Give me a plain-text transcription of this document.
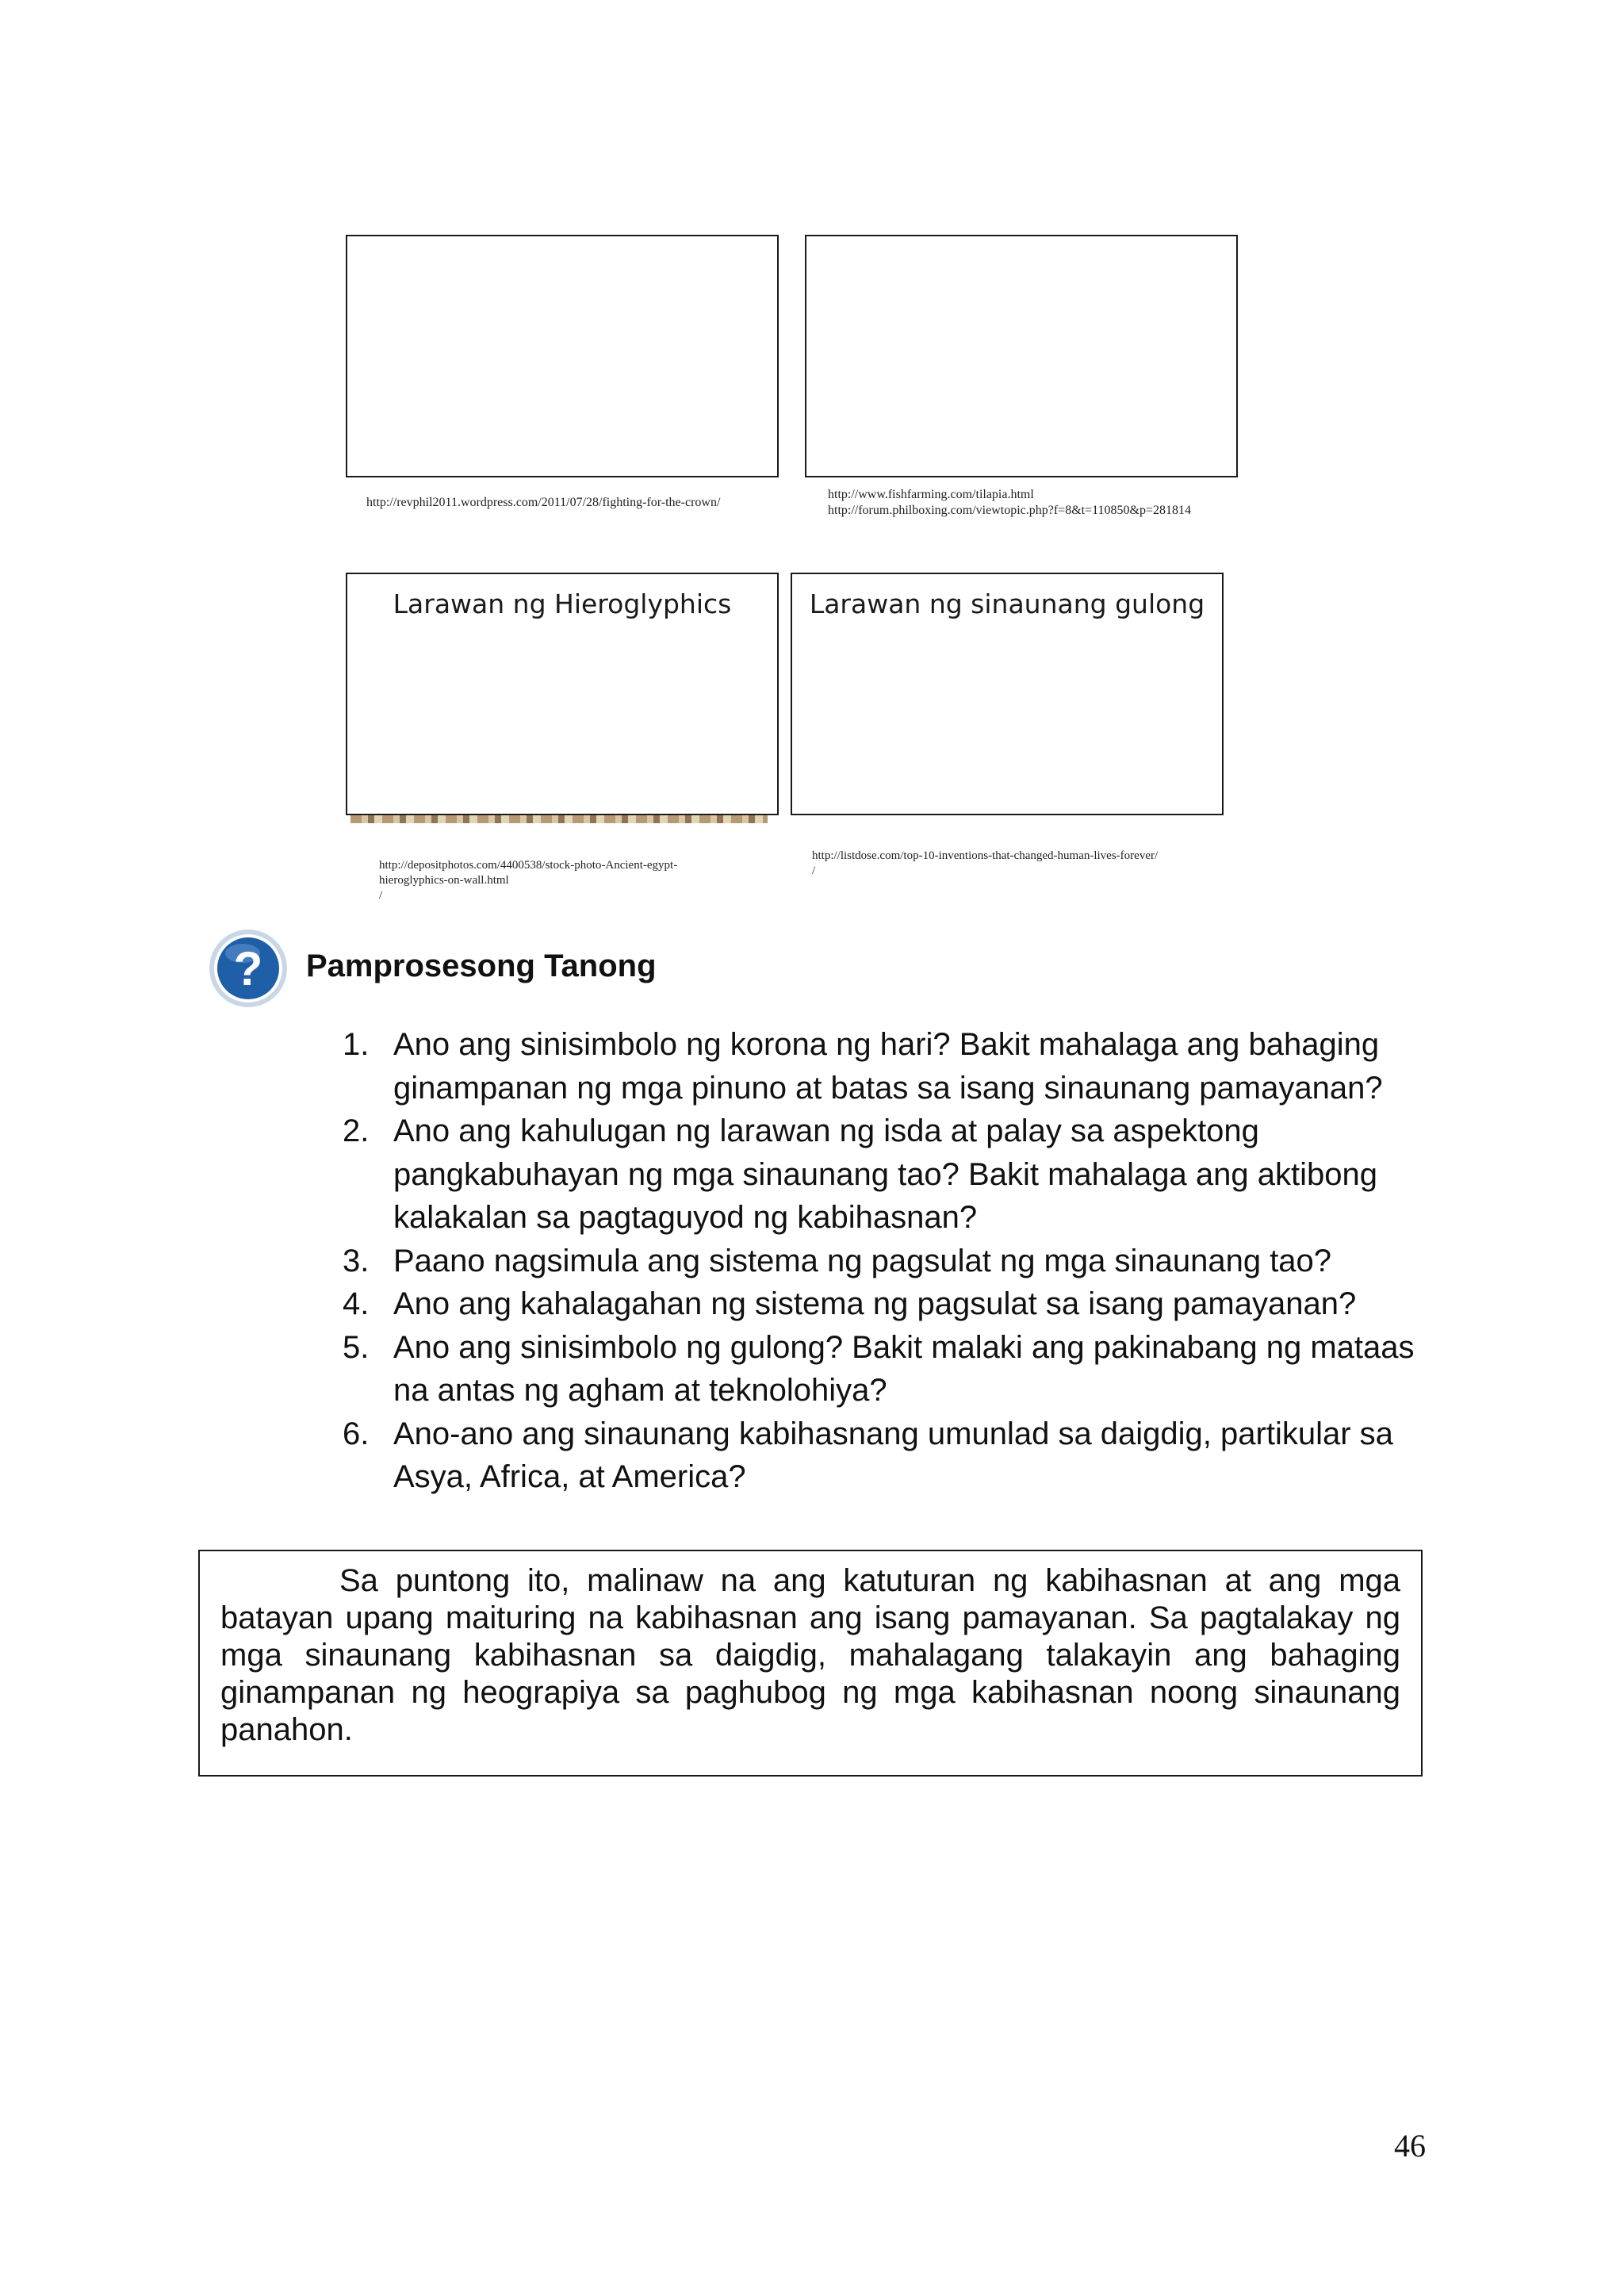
http://revphil2011.wordpress.com/2011/07/28/fighting-for-the-crown/
http://www.fishfarming.com/tilapia.html
http://forum.philboxing.com/viewtopic.php?f=8&t=110850&p=281814
Larawan ng Hieroglyphics	Larawan ng sinaunang gulong
http://depositphotos.com/4400538/stock-photo-Ancient-egypt-hieroglyphics-on-wall.html
/
http://listdose.com/top-10-inventions-that-changed-human-lives-forever/
/
? Pamprosesong Tanong
1. Ano ang sinisimbolo ng korona ng hari? Bakit mahalaga ang bahaging ginampanan ng mga pinuno at batas sa isang sinaunang pamayanan?
2. Ano ang kahulugan ng larawan ng isda at palay sa aspektong pangkabuhayan ng mga sinaunang tao? Bakit mahalaga ang aktibong kalakalan sa pagtaguyod ng kabihasnan?
3. Paano nagsimula ang sistema ng pagsulat ng mga sinaunang tao?
4. Ano ang kahalagahan ng sistema ng pagsulat sa isang pamayanan?
5. Ano ang sinisimbolo ng gulong? Bakit malaki ang pakinabang ng mataas na antas ng agham at teknolohiya?
6. Ano-ano ang sinaunang kabihasnang umunlad sa daigdig, partikular sa Asya, Africa, at America?

Sa puntong ito, malinaw na ang katuturan ng kabihasnan at ang mga batayan upang maituring na kabihasnan ang isang pamayanan. Sa pagtalakay ng mga sinaunang kabihasnan sa daigdig, mahalagang talakayin ang bahaging ginampanan ng heograpiya sa paghubog ng mga kabihasnan noong sinaunang panahon.

46
